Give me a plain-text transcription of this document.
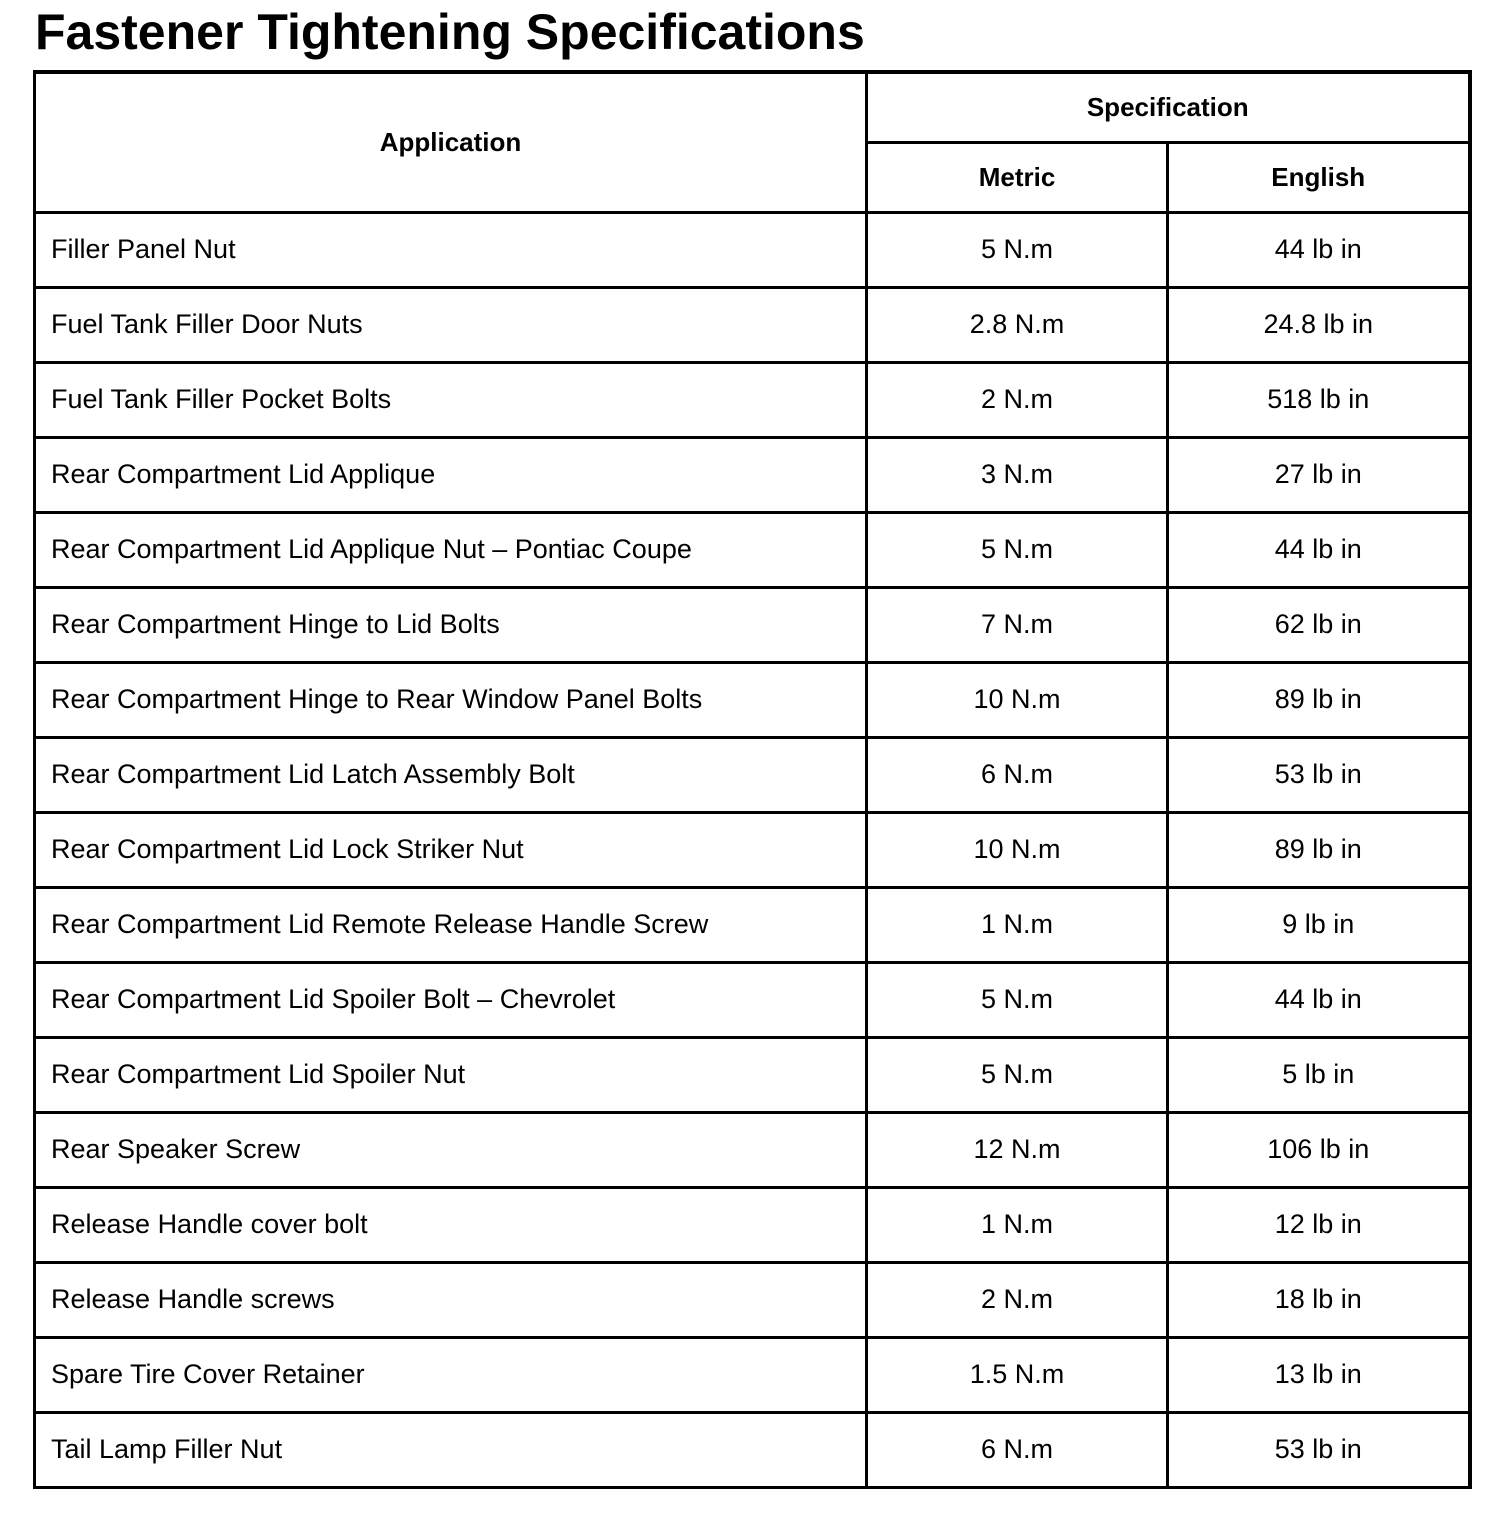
Fastener Tightening Specifications
Application	Specification	
	Metric	English
Filler Panel Nut	5 N.m	44 lb in
Fuel Tank Filler Door Nuts	2.8 N.m	24.8 lb in
Fuel Tank Filler Pocket Bolts	2 N.m	518 lb in
Rear Compartment Lid Applique	3 N.m	27 lb in
Rear Compartment Lid Applique Nut – Pontiac Coupe	5 N.m	44 lb in
Rear Compartment Hinge to Lid Bolts	7 N.m	62 lb in
Rear Compartment Hinge to Rear Window Panel Bolts	10 N.m	89 lb in
Rear Compartment Lid Latch Assembly Bolt	6 N.m	53 lb in
Rear Compartment Lid Lock Striker Nut	10 N.m	89 lb in
Rear Compartment Lid Remote Release Handle Screw	1 N.m	9 lb in
Rear Compartment Lid Spoiler Bolt – Chevrolet	5 N.m	44 lb in
Rear Compartment Lid Spoiler Nut	5 N.m	5 lb in
Rear Speaker Screw	12 N.m	106 lb in
Release Handle cover bolt	1 N.m	12 lb in
Release Handle screws	2 N.m	18 lb in
Spare Tire Cover Retainer	1.5 N.m	13 lb in
Tail Lamp Filler Nut	6 N.m	53 lb in
